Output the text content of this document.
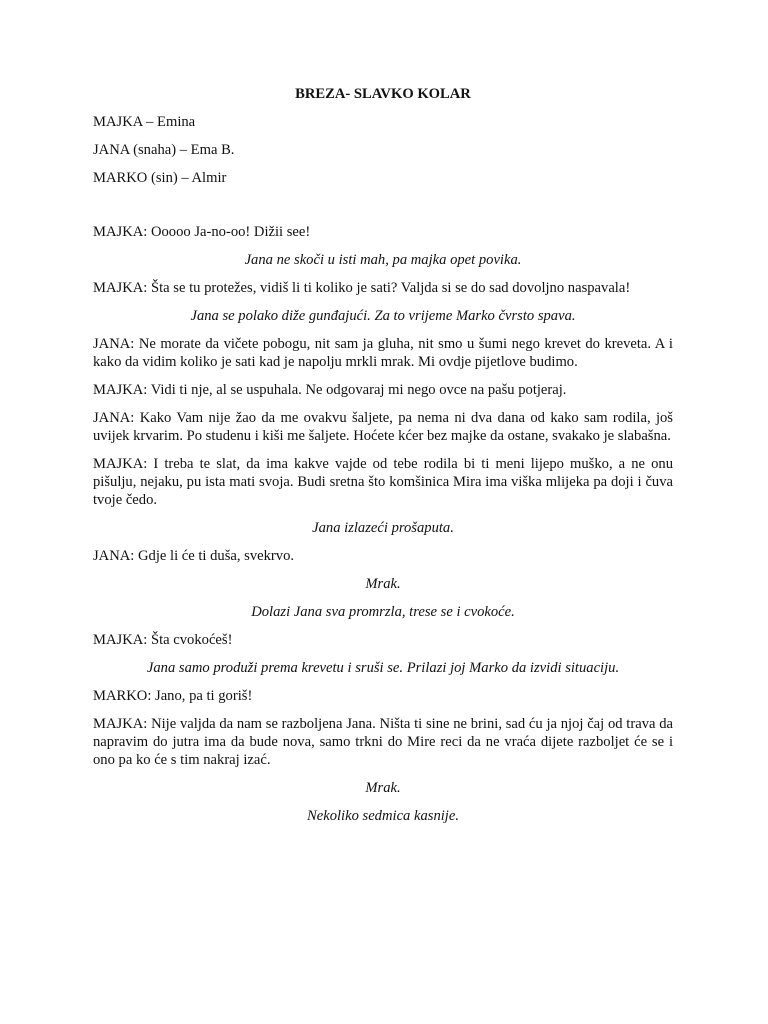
BREZA- SLAVKO KOLAR
MAJKA – Emina
JANA (snaha) – Ema B.
MARKO (sin) – Almir
MAJKA: Ooooo Ja-no-oo! Dižii see!
Jana ne skoči u isti mah, pa majka opet povika.
MAJKA: Šta se tu protežes, vidiš li ti koliko je sati? Valjda si se do sad dovoljno naspavala!
Jana se polako diže gunđajući. Za to vrijeme Marko čvrsto spava.
JANA: Ne morate da vičete pobogu, nit sam ja gluha, nit smo u šumi nego krevet do kreveta. A i kako da vidim koliko je sati kad je napolju mrkli mrak. Mi ovdje pijetlove budimo.
MAJKA: Vidi ti nje, al se uspuhala. Ne odgovaraj mi nego ovce na pašu potjeraj.
JANA: Kako Vam nije žao da me ovakvu šaljete, pa nema ni dva dana od kako sam rodila, još uvijek krvarim. Po studenu i kiši me šaljete. Hoćete kćer bez majke da ostane, svakako je slabašna.
MAJKA: I treba te slat, da ima kakve vajde od tebe rodila bi ti meni lijepo muško, a ne onu pišulju, nejaku, pu ista mati svoja. Budi sretna što komšinica Mira ima viška mlijeka pa doji i čuva tvoje čedo.
Jana izlazeći prošaputa.
JANA: Gdje li će ti duša, svekrvo.
Mrak.
Dolazi Jana sva promrzla, trese se i cvokoće.
MAJKA: Šta cvokoćeš!
Jana samo produži prema krevetu i sruši se. Prilazi joj Marko da izvidi situaciju.
MARKO: Jano, pa ti goriš!
MAJKA: Nije valjda da nam se razboljena Jana. Ništa ti sine ne brini, sad ću ja njoj čaj od trava da napravim do jutra ima da bude nova, samo trkni do Mire reci da ne vraća dijete razboljet će se i ono pa ko će s tim nakraj izać.
Mrak.
Nekoliko sedmica kasnije.
